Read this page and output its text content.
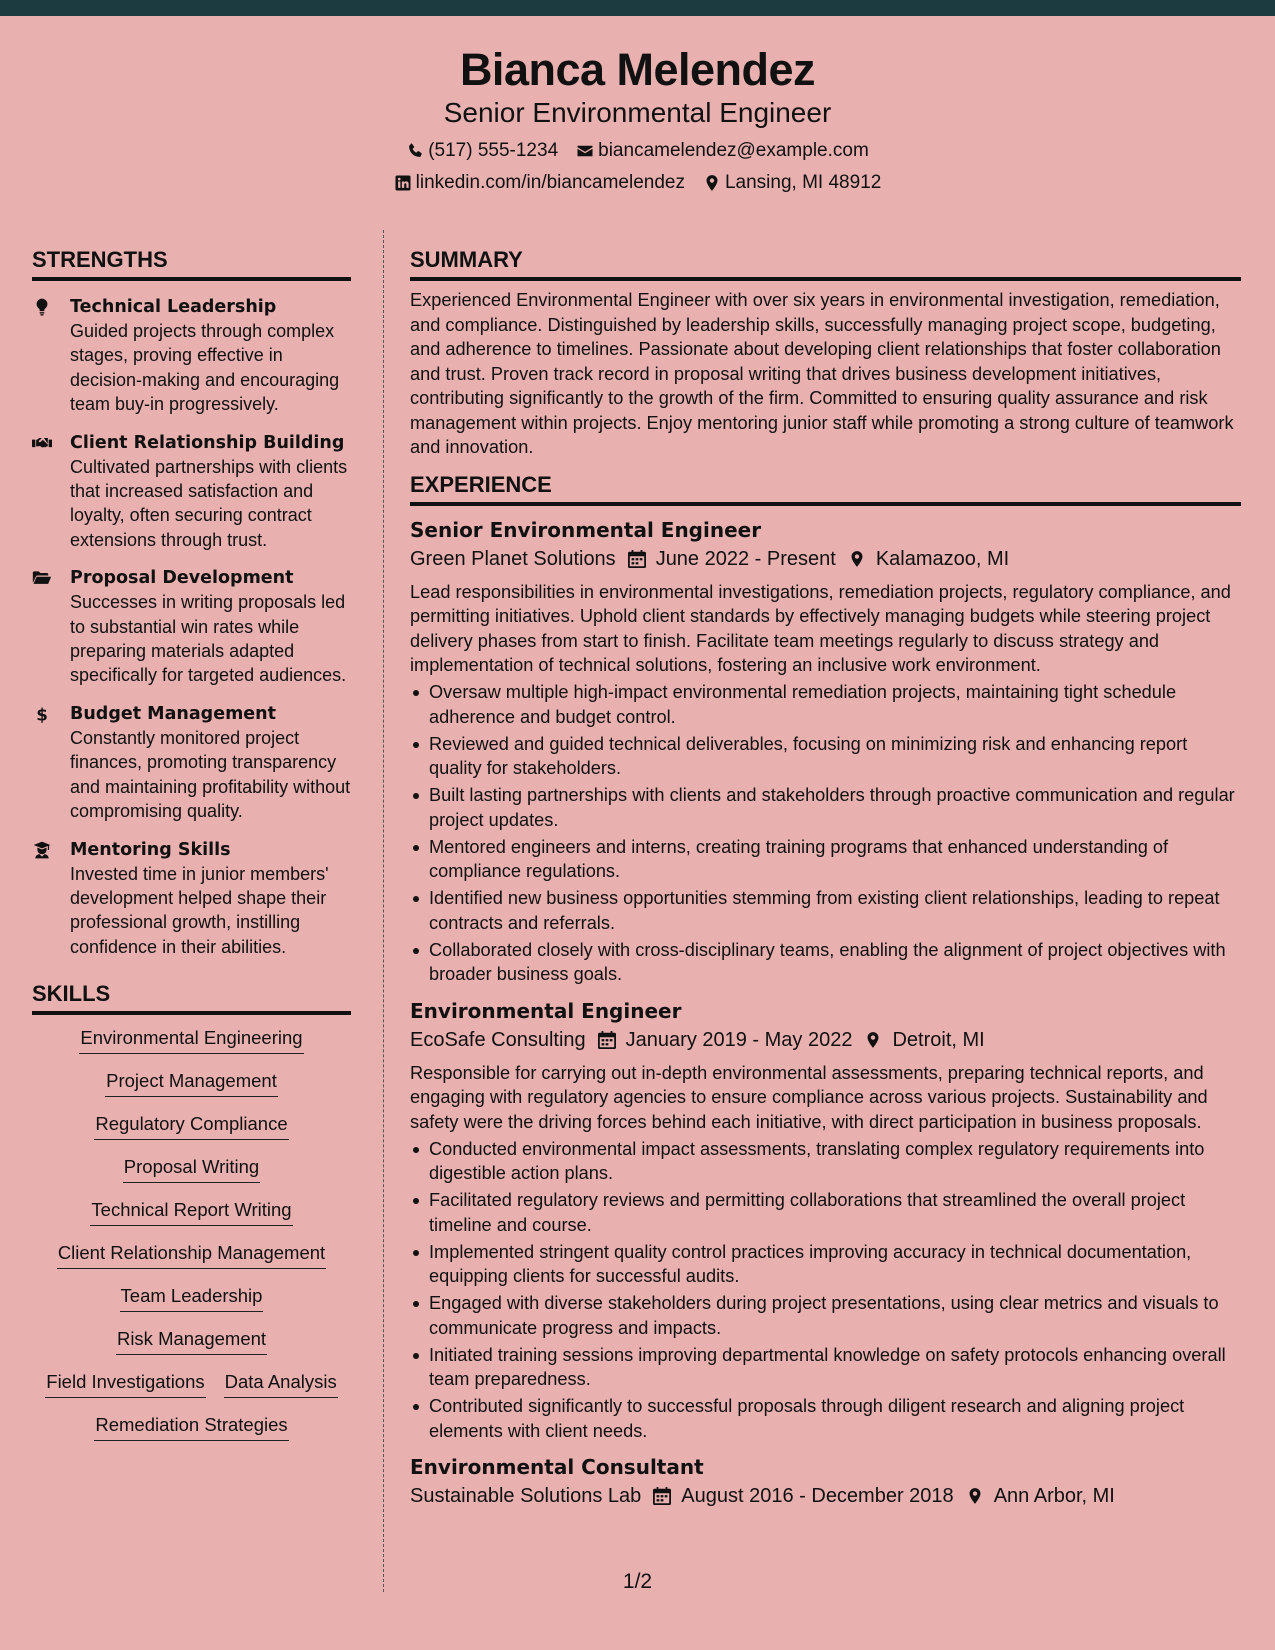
Bianca Melendez
Senior Environmental Engineer
(517) 555-1234 biancamelendez@example.com
linkedin.com/in/biancamelendez Lansing, MI 48912
STRENGTHS
Technical Leadership
Guided projects through complex stages, proving effective in decision-making and encouraging team buy-in progressively.
Client Relationship Building
Cultivated partnerships with clients that increased satisfaction and loyalty, often securing contract extensions through trust.
Proposal Development
Successes in writing proposals led to substantial win rates while preparing materials adapted specifically for targeted audiences.
$ Budget Management
Constantly monitored project finances, promoting transparency and maintaining profitability without compromising quality.
Mentoring Skills
Invested time in junior members' development helped shape their professional growth, instilling confidence in their abilities.
SKILLS
Environmental Engineering
Project Management
Regulatory Compliance
Proposal Writing
Technical Report Writing
Client Relationship Management
Team Leadership
Risk Management
Field Investigations Data Analysis
Remediation Strategies
SUMMARY
Experienced Environmental Engineer with over six years in environmental investigation, remediation, and compliance. Distinguished by leadership skills, successfully managing project scope, budgeting, and adherence to timelines. Passionate about developing client relationships that foster collaboration and trust. Proven track record in proposal writing that drives business development initiatives, contributing significantly to the growth of the firm. Committed to ensuring quality assurance and risk management within projects. Enjoy mentoring junior staff while promoting a strong culture of teamwork and innovation.
EXPERIENCE
Senior Environmental Engineer
Green Planet Solutions June 2022 - Present Kalamazoo, MI
Lead responsibilities in environmental investigations, remediation projects, regulatory compliance, and permitting initiatives. Uphold client standards by effectively managing budgets while steering project delivery phases from start to finish. Facilitate team meetings regularly to discuss strategy and implementation of technical solutions, fostering an inclusive work environment.
Oversaw multiple high-impact environmental remediation projects, maintaining tight schedule adherence and budget control.
Reviewed and guided technical deliverables, focusing on minimizing risk and enhancing report quality for stakeholders.
Built lasting partnerships with clients and stakeholders through proactive communication and regular project updates.
Mentored engineers and interns, creating training programs that enhanced understanding of compliance regulations.
Identified new business opportunities stemming from existing client relationships, leading to repeat contracts and referrals.
Collaborated closely with cross-disciplinary teams, enabling the alignment of project objectives with broader business goals.
Environmental Engineer
EcoSafe Consulting January 2019 - May 2022 Detroit, MI
Responsible for carrying out in-depth environmental assessments, preparing technical reports, and engaging with regulatory agencies to ensure compliance across various projects. Sustainability and safety were the driving forces behind each initiative, with direct participation in business proposals.
Conducted environmental impact assessments, translating complex regulatory requirements into digestible action plans.
Facilitated regulatory reviews and permitting collaborations that streamlined the overall project timeline and course.
Implemented stringent quality control practices improving accuracy in technical documentation, equipping clients for successful audits.
Engaged with diverse stakeholders during project presentations, using clear metrics and visuals to communicate progress and impacts.
Initiated training sessions improving departmental knowledge on safety protocols enhancing overall team preparedness.
Contributed significantly to successful proposals through diligent research and aligning project elements with client needs.
Environmental Consultant
Sustainable Solutions Lab August 2016 - December 2018 Ann Arbor, MI
1/2
